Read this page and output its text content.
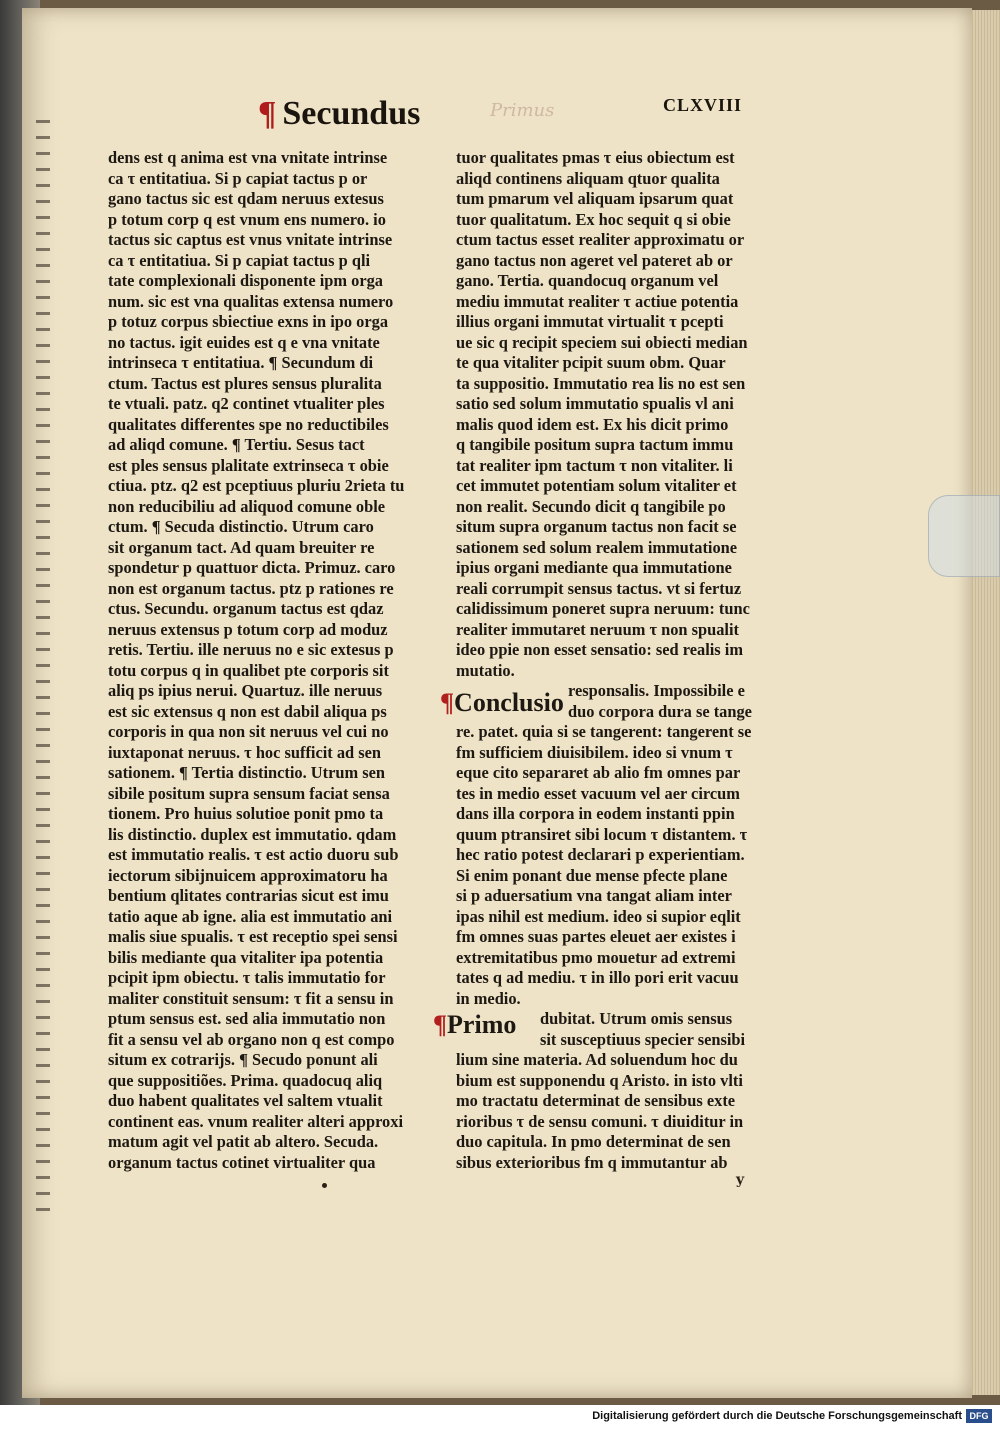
¶ Secundus	Primus	CLXVIII
dens est q anima est vna vnitate intrinse
ca τ entitatiua. Si p capiat tactus p or
gano tactus sic est qdam neruus extesus
p totum corp q est vnum ens numero. io
tactus sic captus est vnus vnitate intrinse
ca τ entitatiua. Si p capiat tactus p qli
tate complexionali disponente ipm orga
num. sic est vna qualitas extensa numero
p totuz corpus sbiectiue exns in ipo orga
no tactus. igit euides est q e vna vnitate
intrinseca τ entitatiua. ¶ Secundum di
ctum. Tactus est plures sensus pluralita
te vtuali. patz. q2 continet vtualiter ples
qualitates differentes spe no reductibiles
ad aliqd comune. ¶ Tertiu. Sesus tact
est ples sensus plalitate extrinseca τ obie
ctiua. ptz. q2 est pceptiuus pluriu 2rieta tu
non reducibiliu ad aliquod comune oble
ctum. ¶ Secuda distinctio. Utrum caro
sit organum tact. Ad quam breuiter re
spondetur p quattuor dicta. Primuz. caro
non est organum tactus. ptz p rationes re
ctus. Secundu. organum tactus est qdaz
neruus extensus p totum corp ad moduz
retis. Tertiu. ille neruus no e sic extesus p
totu corpus q in qualibet pte corporis sit
aliq ps ipius nerui. Quartuz. ille neruus
est sic extensus q non est dabil aliqua ps
corporis in qua non sit neruus vel cui no
iuxtaponat neruus. τ hoc sufficit ad sen
sationem. ¶ Tertia distinctio. Utrum sen
sibile positum supra sensum faciat sensa
tionem. Pro huius solutioe ponit pmo ta
lis distinctio. duplex est immutatio. qdam
est immutatio realis. τ est actio duoru sub
iectorum sibijnuicem approximatoru ha
bentium qlitates contrarias sicut est imu
tatio aque ab igne. alia est immutatio ani
malis siue spualis. τ est receptio spei sensi
bilis mediante qua vitaliter ipa potentia
pcipit ipm obiectu. τ talis immutatio for
maliter constituit sensum: τ fit a sensu in
ptum sensus est. sed alia immutatio non
fit a sensu vel ab organo non q est compo
situm ex cotrarijs. ¶ Secudo ponunt ali
que suppositiões. Prima. quadocuq aliq
duo habent qualitates vel saltem vtualit
continent eas. vnum realiter alteri approxi
matum agit vel patit ab altero. Secuda.
organum tactus cotinet virtualiter qua
tuor qualitates pmas τ eius obiectum est
aliqd continens aliquam qtuor qualita
tum pmarum vel aliquam ipsarum quat
tuor qualitatum. Ex hoc sequit q si obie
ctum tactus esset realiter approximatu or
gano tactus non ageret vel pateret ab or
gano. Tertia. quandocuq organum vel
mediu immutat realiter τ actiue potentia
illius organi immutat virtualit τ pcepti
ue sic q recipit speciem sui obiecti median
te qua vitaliter pcipit suum obm. Quar
ta suppositio. Immutatio rea lis no est sen
satio sed solum immutatio spualis vl ani
malis quod idem est. Ex his dicit primo
q tangibile positum supra tactum immu
tat realiter ipm tactum τ non vitaliter. li
cet immutet potentiam solum vitaliter et
non realit. Secundo dicit q tangibile po
situm supra organum tactus non facit se
sationem sed solum realem immutatione
ipius organi mediante qua immutatione
reali corrumpit sensus tactus. vt si fertuz
calidissimum poneret supra neruum: tunc
realiter immutaret neruum τ non spualit
ideo ppie non esset sensatio: sed realis im
mutatio.
responsalis. Impossibile e
duo corpora dura se tange
re. patet. quia si se tangerent: tangerent se
fm sufficiem diuisibilem. ideo si vnum τ
eque cito separaret ab alio fm omnes par
tes in medio esset vacuum vel aer circum
dans illa corpora in eodem instanti ppin
quum ptransiret sibi locum τ distantem. τ
hec ratio potest declarari p experientiam.
Si enim ponant due mense pfecte plane
si p aduersatium vna tangat aliam inter
ipas nihil est medium. ideo si supior eqlit
fm omnes suas partes eleuet aer existes i
extremitatibus pmo mouetur ad extremi
tates q ad mediu. τ in illo pori erit vacuu
in medio.
dubitat. Utrum omis sensus
sit susceptiuus specier sensibi
lium sine materia. Ad soluendum hoc du
bium est supponendu q Aristo. in isto vlti
mo tractatu determinat de sensibus exte
rioribus τ de sensu comuni. τ diuiditur in
duo capitula. In pmo determinat de sen
sibus exterioribus fm q immutantur ab
¶Conclusio
¶Primo
y
Digitalisierung gefördert durch die Deutsche Forschungsgemeinschaft DFG
